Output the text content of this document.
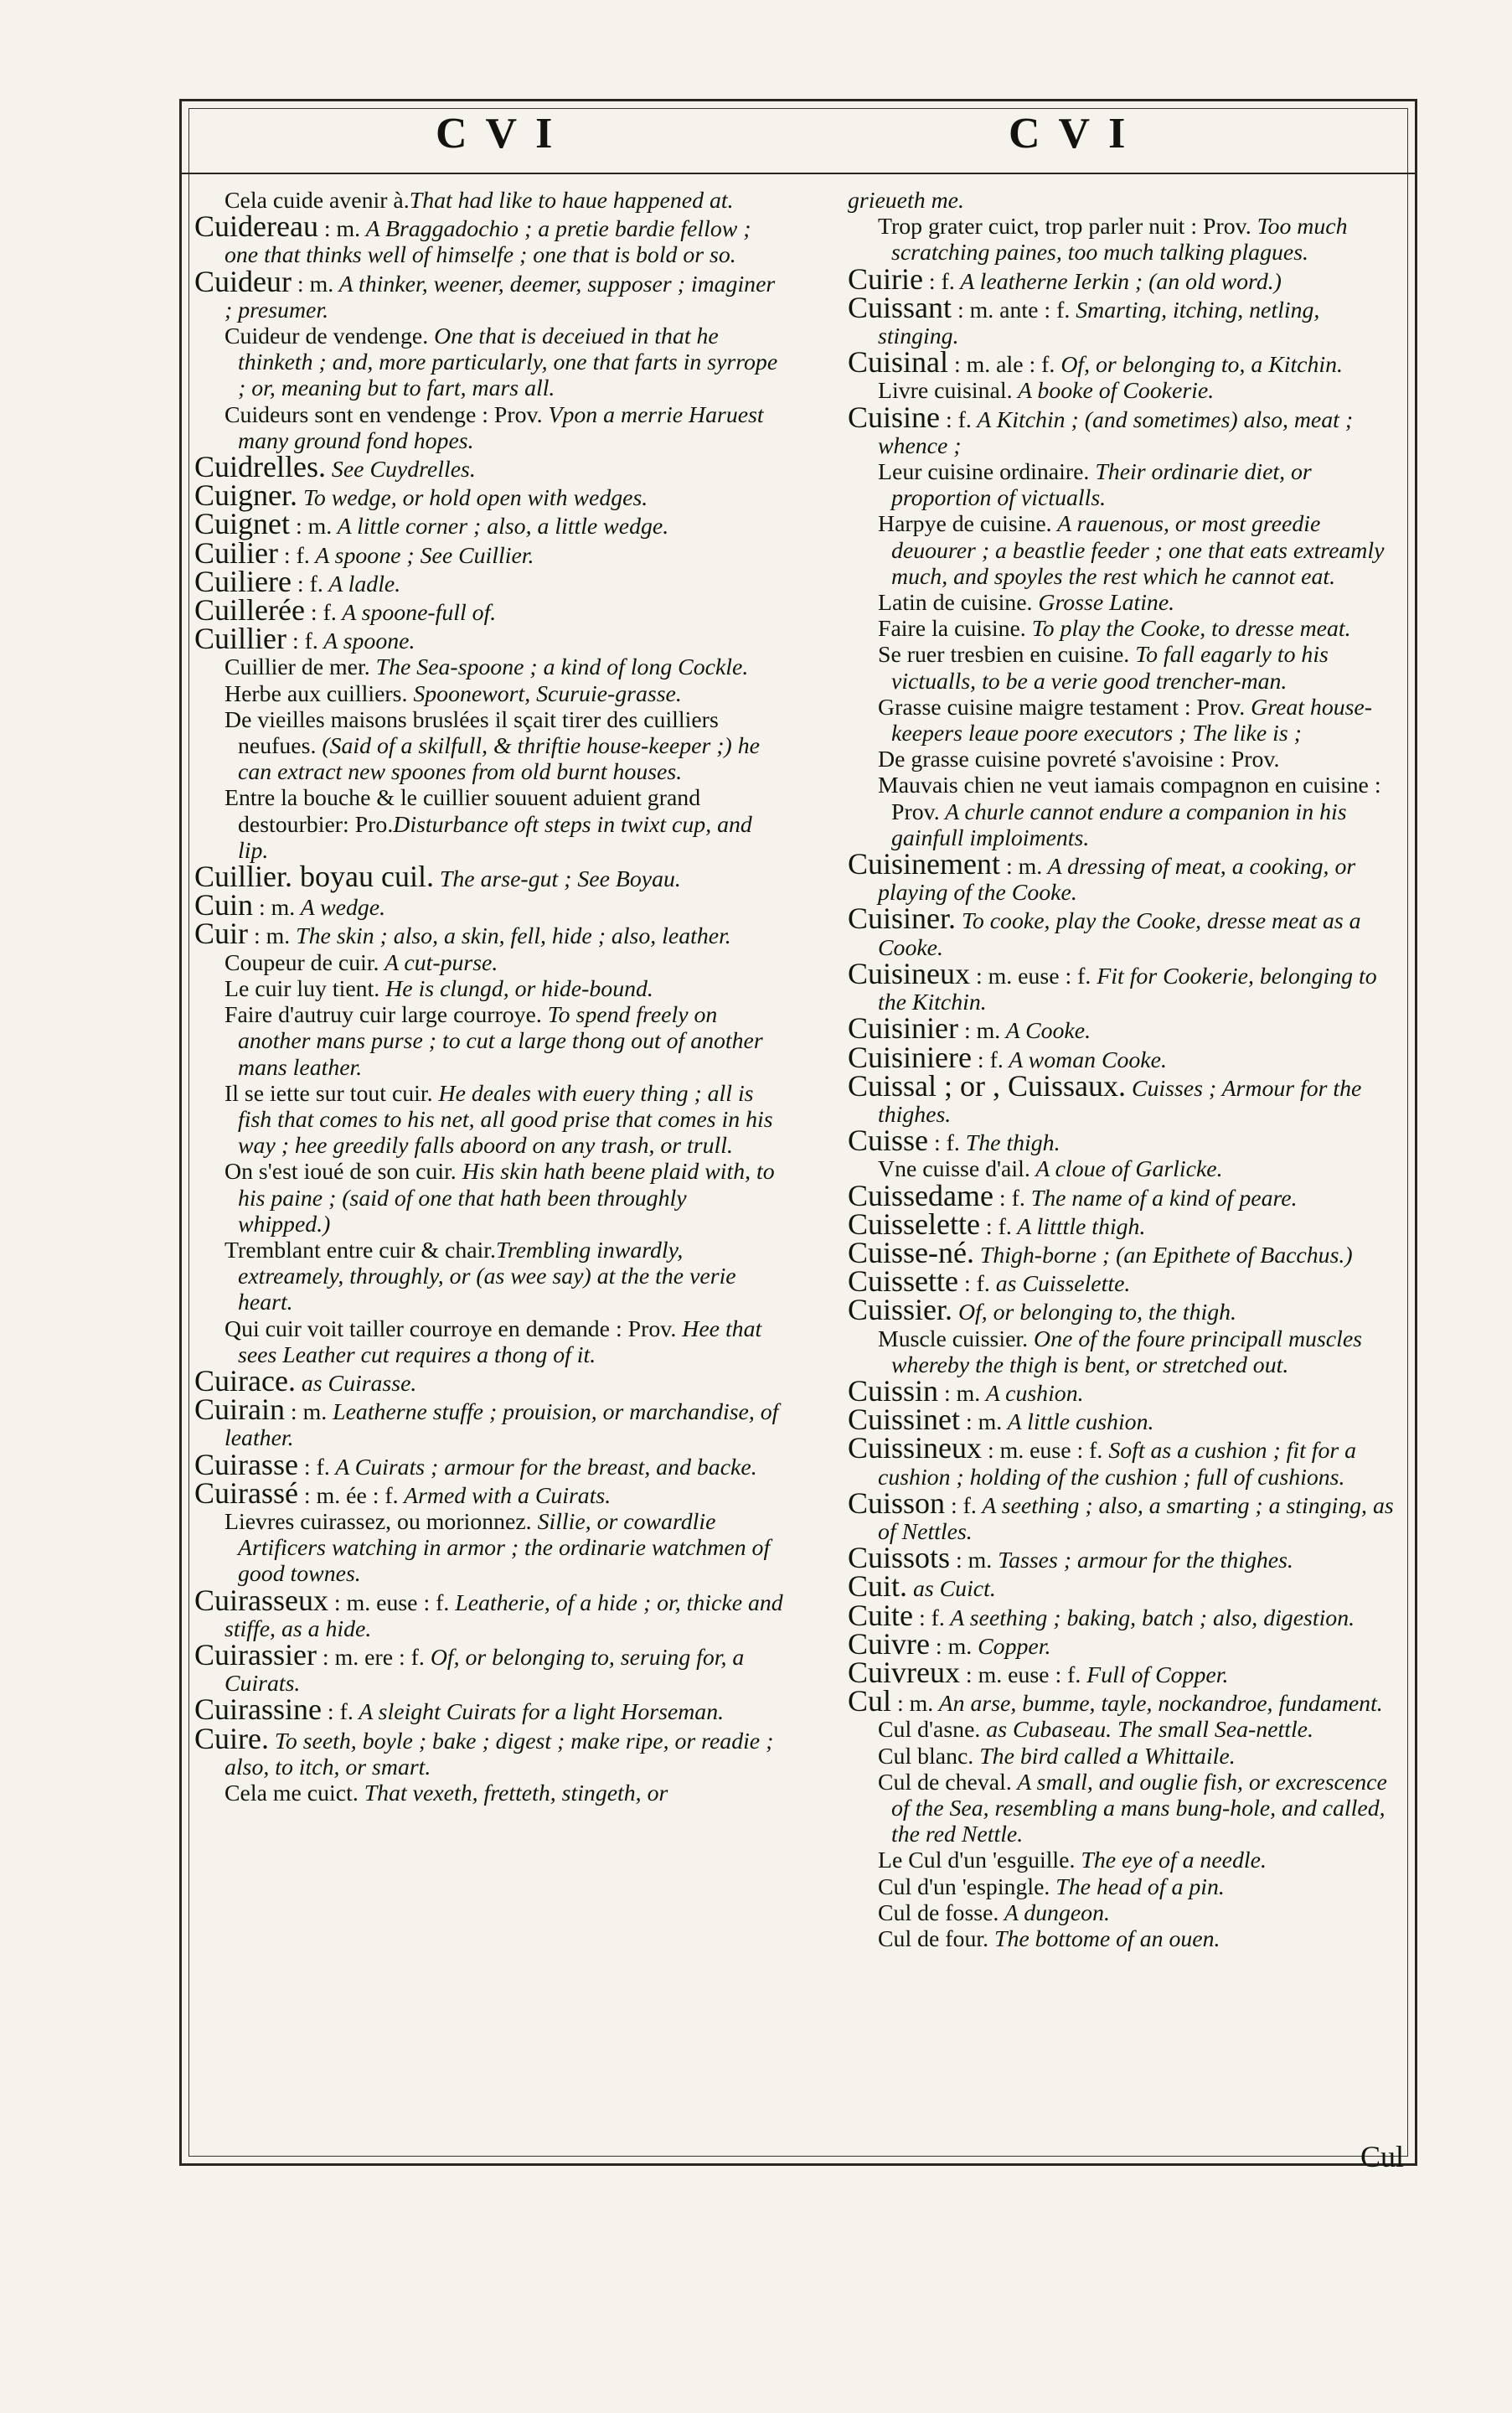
CVI	CVI

Cela cuide avenir à.That had like to haue happened at.

Cuidereau : m. A Braggadochio ; a pretie bardie fellow ; one that thinks well of himselfe ; one that is bold or so.

Cuideur : m. A thinker, weener, deemer, supposer ; imaginer ; presumer.

Cuideur de vendenge. One that is deceiued in that he thinketh ; and, more particularly, one that farts in syrrope ; or, meaning but to fart, mars all.

Cuideurs sont en vendenge : Prov. Vpon a merrie Haruest many ground fond hopes.

Cuidrelles. See Cuydrelles.

Cuigner. To wedge, or hold open with wedges.

Cuignet : m. A little corner ; also, a little wedge.

Cuilier : f. A spoone ; See Cuillier.

Cuiliere : f. A ladle.

Cuillerée : f. A spoone-full of.

Cuillier : f. A spoone.

Cuillier de mer. The Sea-spoone ; a kind of long Cockle.

Herbe aux cuilliers. Spoonewort, Scuruie-grasse.

De vieilles maisons bruslées il sçait tirer des cuilliers neufues. (Said of a skilfull, & thriftie house-keeper ;) he can extract new spoones from old burnt houses.

Entre la bouche & le cuillier souuent aduient grand destourbier: Pro.Disturbance oft steps in twixt cup, and lip.

Cuillier. boyau cuil. The arse-gut ; See Boyau.

Cuin : m. A wedge.

Cuir : m. The skin ; also, a skin, fell, hide ; also, leather.

Coupeur de cuir. A cut-purse.

Le cuir luy tient. He is clungd, or hide-bound.

Faire d'autruy cuir large courroye. To spend freely on another mans purse ; to cut a large thong out of another mans leather.

Il se iette sur tout cuir. He deales with euery thing ; all is fish that comes to his net, all good prise that comes in his way ; hee greedily falls aboord on any trash, or trull.

On s'est ioué de son cuir. His skin hath beene plaid with, to his paine ; (said of one that hath been throughly whipped.)

Tremblant entre cuir & chair.Trembling inwardly, extreamely, throughly, or (as wee say) at the the verie heart.

Qui cuir voit tailler courroye en demande : Prov. Hee that sees Leather cut requires a thong of it.

Cuirace. as Cuirasse.

Cuirain : m. Leatherne stuffe ; prouision, or marchandise, of leather.

Cuirasse : f. A Cuirats ; armour for the breast, and backe.

Cuirassé : m. ée : f. Armed with a Cuirats.

Lievres cuirassez, ou morionnez. Sillie, or cowardlie Artificers watching in armor ; the ordinarie watchmen of good townes.

Cuirasseux : m. euse : f. Leatherie, of a hide ; or, thicke and stiffe, as a hide.

Cuirassier : m. ere : f. Of, or belonging to, seruing for, a Cuirats.

Cuirassine : f. A sleight Cuirats for a light Horseman.

Cuire. To seeth, boyle ; bake ; digest ; make ripe, or readie ; also, to itch, or smart.

Cela me cuict. That vexeth, fretteth, stingeth, or

grieueth me.

Trop grater cuict, trop parler nuit : Prov. Too much scratching paines, too much talking plagues.

Cuirie : f. A leatherne Ierkin ; (an old word.)

Cuissant : m. ante : f. Smarting, itching, netling, stinging.

Cuisinal : m. ale : f. Of, or belonging to, a Kitchin.

Livre cuisinal. A booke of Cookerie.

Cuisine : f. A Kitchin ; (and sometimes) also, meat ; whence ;

Leur cuisine ordinaire. Their ordinarie diet, or proportion of victualls.

Harpye de cuisine. A rauenous, or most greedie deuourer ; a beastlie feeder ; one that eats extreamly much, and spoyles the rest which he cannot eat.

Latin de cuisine. Grosse Latine.

Faire la cuisine. To play the Cooke, to dresse meat.

Se ruer tresbien en cuisine. To fall eagarly to his victualls, to be a verie good trencher-man.

Grasse cuisine maigre testament : Prov. Great house-keepers leaue poore executors ; The like is ;

De grasse cuisine povreté s'avoisine : Prov.

Mauvais chien ne veut iamais compagnon en cuisine : Prov. A churle cannot endure a companion in his gainfull imploiments.

Cuisinement : m. A dressing of meat, a cooking, or playing of the Cooke.

Cuisiner. To cooke, play the Cooke, dresse meat as a Cooke.

Cuisineux : m. euse : f. Fit for Cookerie, belonging to the Kitchin.

Cuisinier : m. A Cooke.

Cuisiniere : f. A woman Cooke.

Cuissal ; or , Cuissaux. Cuisses ; Armour for the thighes.

Cuisse : f. The thigh.

Vne cuisse d'ail. A cloue of Garlicke.

Cuissedame : f. The name of a kind of peare.

Cuisselette : f. A litttle thigh.

Cuisse-né. Thigh-borne ; (an Epithete of Bacchus.)

Cuissette : f. as Cuisselette.

Cuissier. Of, or belonging to, the thigh.

Muscle cuissier. One of the foure principall muscles whereby the thigh is bent, or stretched out.

Cuissin : m. A cushion.

Cuissinet : m. A little cushion.

Cuissineux : m. euse : f. Soft as a cushion ; fit for a cushion ; holding of the cushion ; full of cushions.

Cuisson : f. A seething ; also, a smarting ; a stinging, as of Nettles.

Cuissots : m. Tasses ; armour for the thighes.

Cuit. as Cuict.

Cuite : f. A seething ; baking, batch ; also, digestion.

Cuivre : m. Copper.

Cuivreux : m. euse : f. Full of Copper.

Cul : m. An arse, bumme, tayle, nockandroe, fundament.

Cul d'asne. as Cubaseau. The small Sea-nettle.

Cul blanc. The bird called a Whittaile.

Cul de cheval. A small, and ouglie fish, or excrescence of the Sea, resembling a mans bung-hole, and called, the red Nettle.

Le Cul d'un 'esguille. The eye of a needle.

Cul d'un 'espingle. The head of a pin.

Cul de fosse. A dungeon.

Cul de four. The bottome of an ouen.

Cul
